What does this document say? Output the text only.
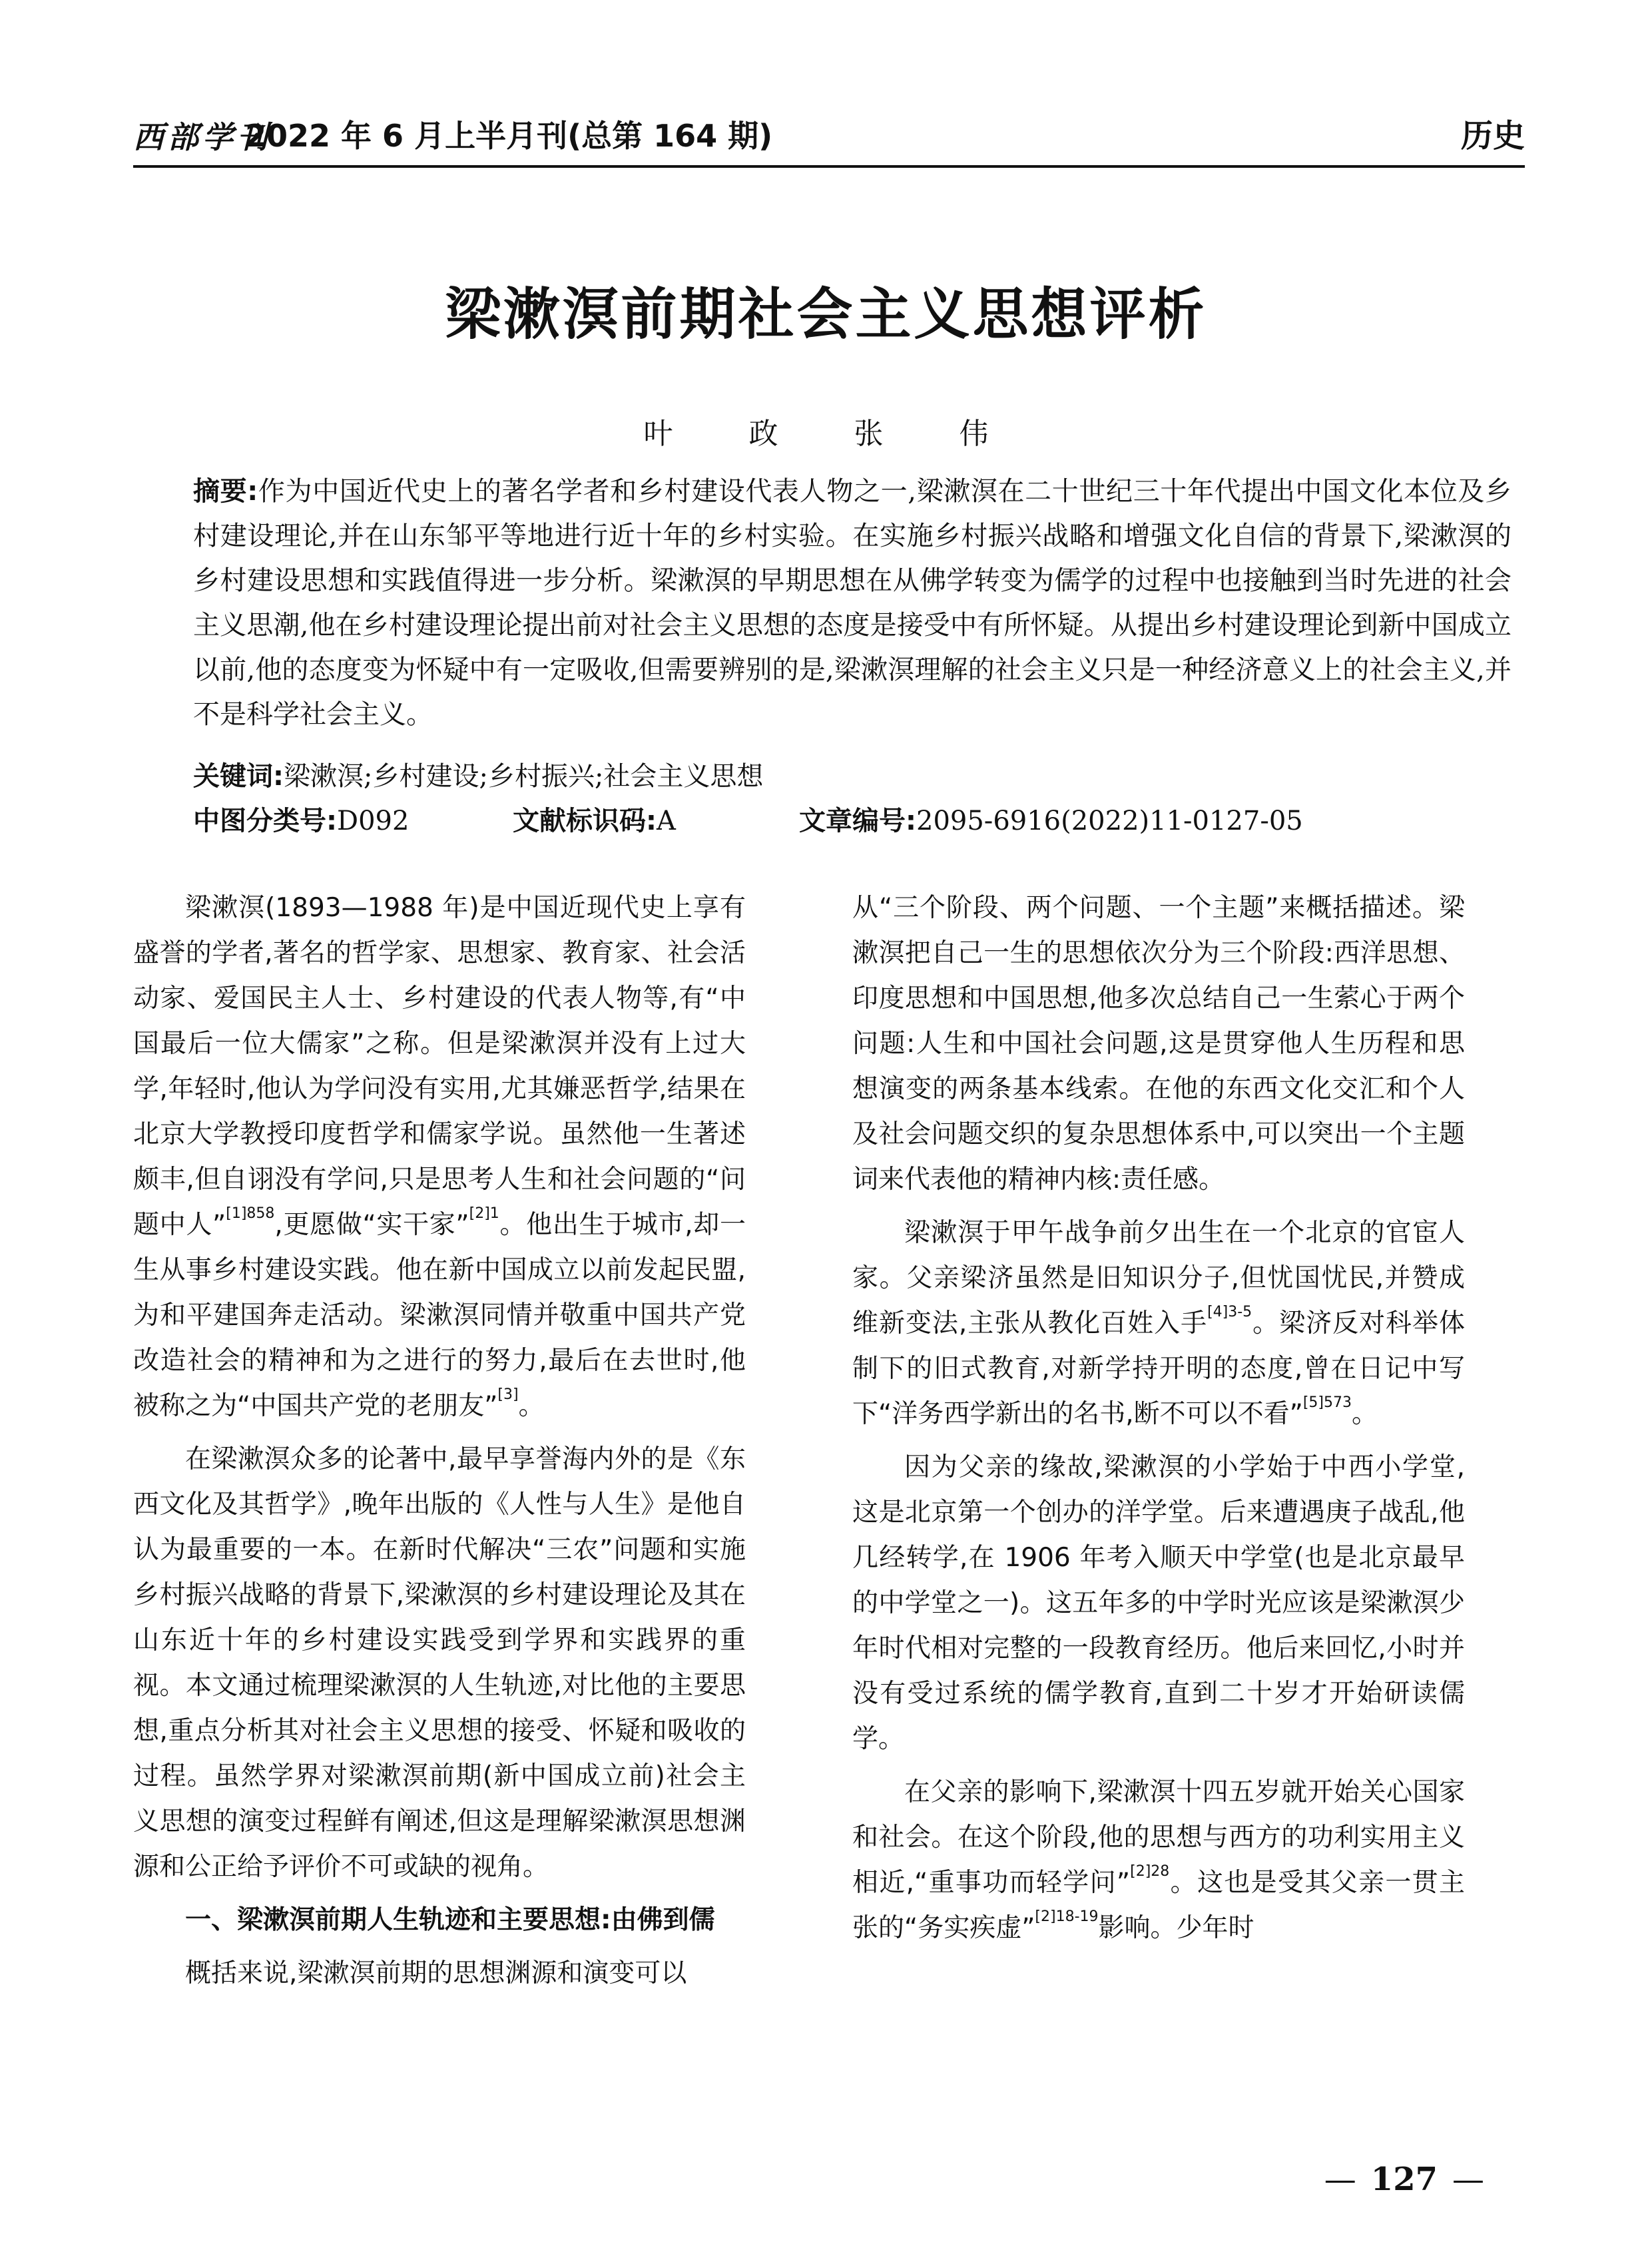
西部学刊
2022 年 6 月上半月刊(总第 164 期)	历史
梁漱溟前期社会主义思想评析
叶 政 张 伟
摘要:作为中国近代史上的著名学者和乡村建设代表人物之一,梁漱溟在二十世纪三十年代提出中国文化本位及乡村建设理论,并在山东邹平等地进行近十年的乡村实验。在实施乡村振兴战略和增强文化自信的背景下,梁漱溟的乡村建设思想和实践值得进一步分析。梁漱溟的早期思想在从佛学转变为儒学的过程中也接触到当时先进的社会主义思潮,他在乡村建设理论提出前对社会主义思想的态度是接受中有所怀疑。从提出乡村建设理论到新中国成立以前,他的态度变为怀疑中有一定吸收,但需要辨别的是,梁漱溟理解的社会主义只是一种经济意义上的社会主义,并不是科学社会主义。
关键词:梁漱溟;乡村建设;乡村振兴;社会主义思想
中图分类号:D092	文献标识码:A	文章编号:2095-6916(2022)11-0127-05

梁漱溟(1893—1988 年)是中国近现代史上享有盛誉的学者,著名的哲学家、思想家、教育家、社会活动家、爱国民主人士、乡村建设的代表人物等,有“中国最后一位大儒家”之称。但是梁漱溟并没有上过大学,年轻时,他认为学问没有实用,尤其嫌恶哲学,结果在北京大学教授印度哲学和儒家学说。虽然他一生著述颇丰,但自诩没有学问,只是思考人生和社会问题的“问题中人”$^{[1]858}$,更愿做“实干家”$^{[2]1}$。他出生于城市,却一生从事乡村建设实践。他在新中国成立以前发起民盟,为和平建国奔走活动。梁漱溟同情并敬重中国共产党改造社会的精神和为之进行的努力,最后在去世时,他被称之为“中国共产党的老朋友”[3]。

在梁漱溟众多的论著中,最早享誉海内外的是《东西文化及其哲学》,晚年出版的《人性与人生》是他自认为最重要的一本。在新时代解决“三农”问题和实施乡村振兴战略的背景下,梁漱溟的乡村建设理论及其在山东近十年的乡村建设实践受到学界和实践界的重视。本文通过梳理梁漱溟的人生轨迹,对比他的主要思想,重点分析其对社会主义思想的接受、怀疑和吸收的过程。虽然学界对梁漱溟前期(新中国成立前)社会主义思想的演变过程鲜有阐述,但这是理解梁漱溟思想渊源和公正给予评价不可或缺的视角。

一、梁漱溟前期人生轨迹和主要思想:由佛到儒

概括来说,梁漱溟前期的思想渊源和演变可以

从“三个阶段、两个问题、一个主题”来概括描述。梁漱溟把自己一生的思想依次分为三个阶段:西洋思想、印度思想和中国思想,他多次总结自己一生萦心于两个问题:人生和中国社会问题,这是贯穿他人生历程和思想演变的两条基本线索。在他的东西文化交汇和个人及社会问题交织的复杂思想体系中,可以突出一个主题词来代表他的精神内核:责任感。

梁漱溟于甲午战争前夕出生在一个北京的官宦人家。父亲梁济虽然是旧知识分子,但忧国忧民,并赞成维新变法,主张从教化百姓入手$^{[4]3-5}$。梁济反对科举体制下的旧式教育,对新学持开明的态度,曾在日记中写下“洋务西学新出的名书,断不可以不看”$^{[5]573}$。

因为父亲的缘故,梁漱溟的小学始于中西小学堂,这是北京第一个创办的洋学堂。后来遭遇庚子战乱,他几经转学,在 1906 年考入顺天中学堂(也是北京最早的中学堂之一)。这五年多的中学时光应该是梁漱溟少年时代相对完整的一段教育经历。他后来回忆,小时并没有受过系统的儒学教育,直到二十岁才开始研读儒学。

在父亲的影响下,梁漱溟十四五岁就开始关心国家和社会。在这个阶段,他的思想与西方的功利实用主义相近,“重事功而轻学问”$^{[2]28}$。这也是受其父亲一贯主张的“务实疾虚”$^{[2]18-19}$影响。少年时

— 127 —
